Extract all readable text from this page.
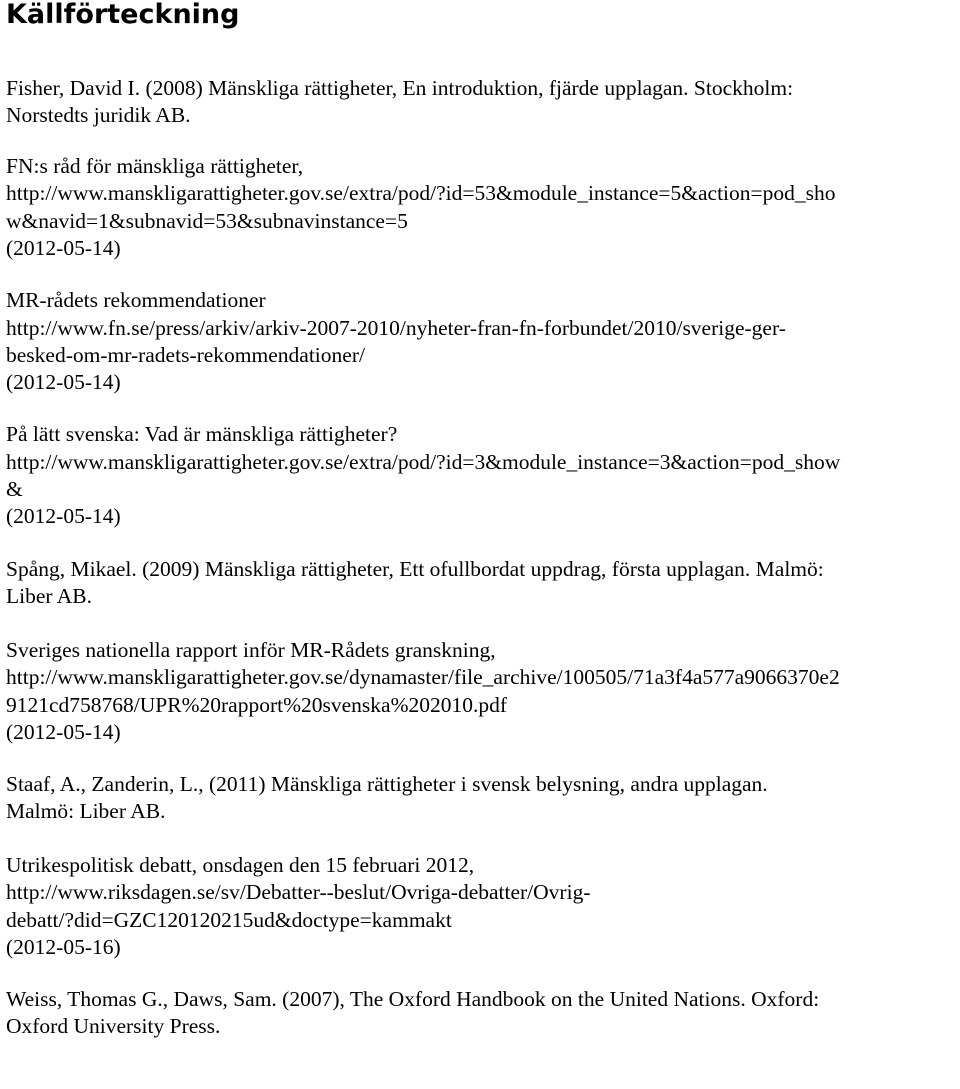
Källförteckning

Fisher, David I. (2008) Mänskliga rättigheter, En introduktion, fjärde upplagan. Stockholm:

Norstedts juridik AB.

FN:s råd för mänskliga rättigheter,

http://www.manskligarattigheter.gov.se/extra/pod/?id=53&module_instance=5&action=pod_sho

w&navid=1&subnavid=53&subnavinstance=5

(2012-05-14)

MR-rådets rekommendationer

http://www.fn.se/press/arkiv/arkiv-2007-2010/nyheter-fran-fn-forbundet/2010/sverige-ger-

besked-om-mr-radets-rekommendationer/

(2012-05-14)

På lätt svenska: Vad är mänskliga rättigheter?

http://www.manskligarattigheter.gov.se/extra/pod/?id=3&module_instance=3&action=pod_show

&

(2012-05-14)

Spång, Mikael. (2009) Mänskliga rättigheter, Ett ofullbordat uppdrag, första upplagan. Malmö:

Liber AB.

Sveriges nationella rapport inför MR-Rådets granskning,

http://www.manskligarattigheter.gov.se/dynamaster/file_archive/100505/71a3f4a577a9066370e2

9121cd758768/UPR%20rapport%20svenska%202010.pdf

(2012-05-14)

Staaf, A., Zanderin, L., (2011) Mänskliga rättigheter i svensk belysning, andra upplagan.

Malmö: Liber AB.

Utrikespolitisk debatt, onsdagen den 15 februari 2012,

http://www.riksdagen.se/sv/Debatter--beslut/Ovriga-debatter/Ovrig-

debatt/?did=GZC120120215ud&doctype=kammakt

(2012-05-16)

Weiss, Thomas G., Daws, Sam. (2007), The Oxford Handbook on the United Nations. Oxford:

Oxford University Press.
